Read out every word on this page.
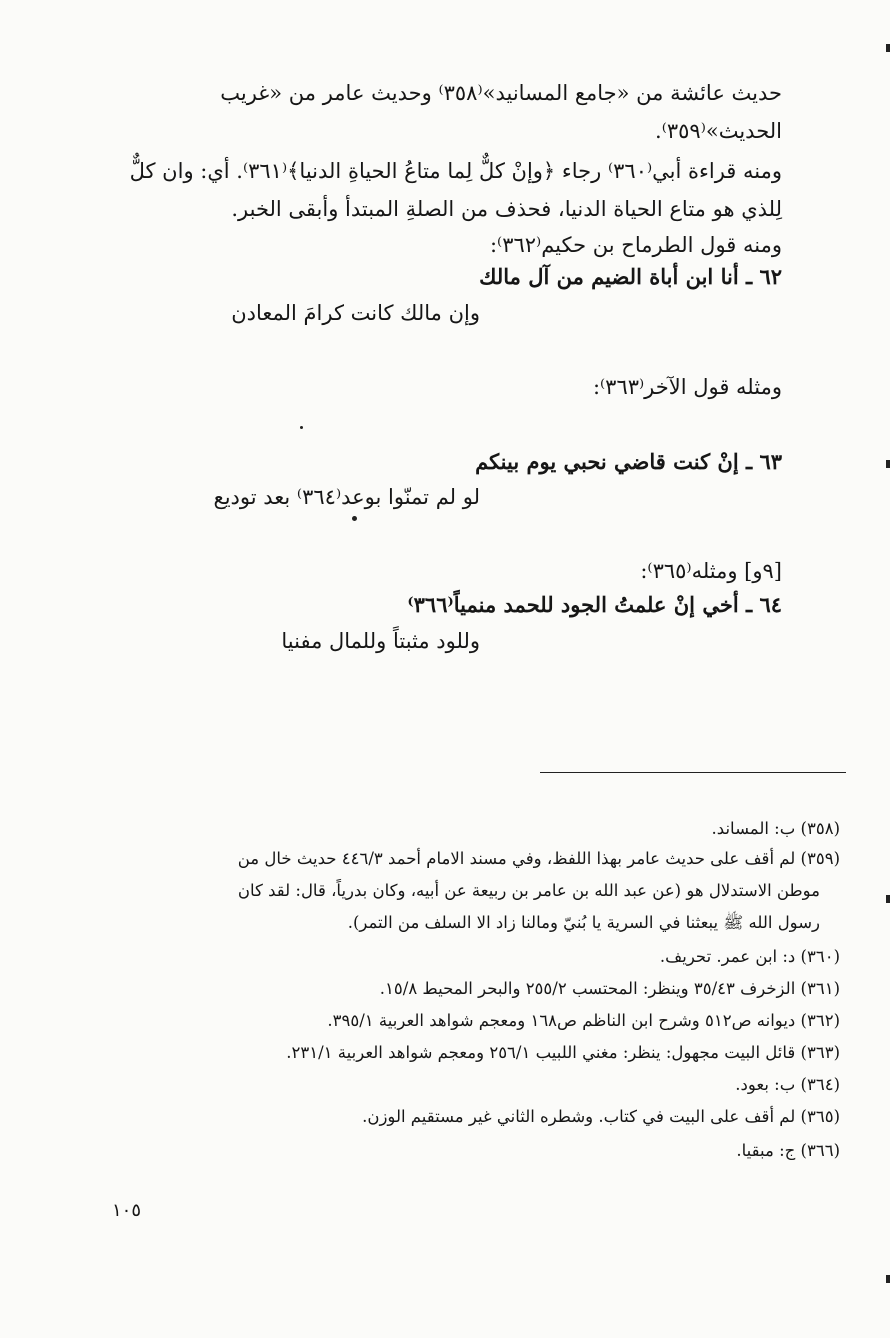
حديث عائشة من «جامع المسانيد»⁽٣٥٨⁾ وحديث عامر من «غريب
الحديث»⁽٣٥٩⁾.
ومنه قراءة أبي⁽٣٦٠⁾ رجاء ﴿وإنْ كلٌّ لِما متاعُ الحياةِ الدنيا﴾⁽٣٦١⁾. أي: وان كلٌّ
لِلذي هو متاع الحياة الدنيا، فحذف من الصلةِ المبتدأ وأبقى الخبر.
ومنه قول الطرماح بن حكيم⁽٣٦٢⁾:
٦٢ ـ أنا ابن أباة الضيم من آل مالك
وإن مالك كانت كرامَ المعادن
ومثله قول الآخر⁽٣٦٣⁾:
٦٣ ـ إنْ كنت قاضي نحبي يوم بينكم
لو لم تمنّوا بوعد⁽٣٦٤⁾ بعد توديع
[٩و] ومثله⁽٣٦٥⁾:
٦٤ ـ أخي إنْ علمتُ الجود للحمد منمياً⁽٣٦٦⁾
وللود مثبتاً وللمال مفنيا
(٣٥٨) ب: المساند.
(٣٥٩) لم أقف على حديث عامر بهذا اللفظ، وفي مسند الامام أحمد ٤٤٦/٣ حديث خال من
موطن الاستدلال هو (عن عبد الله بن عامر بن ربيعة عن أبيه، وكان بدرياً، قال: لقد كان
رسول الله ﷺ يبعثنا في السرية يا بُنيّ ومالنا زاد الا السلف من التمر).
(٣٦٠) د: ابن عمر. تحريف.
(٣٦١) الزخرف ٣٥/٤٣ وينظر: المحتسب ٢٥٥/٢ والبحر المحيط ١٥/٨.
(٣٦٢) ديوانه ص٥١٢ وشرح ابن الناظم ص١٦٨ ومعجم شواهد العربية ٣٩٥/١.
(٣٦٣) قائل البيت مجهول: ينظر: مغني اللبيب ٢٥٦/١ ومعجم شواهد العربية ٢٣١/١.
(٣٦٤) ب: بعود.
(٣٦٥) لم أقف على البيت في كتاب. وشطره الثاني غير مستقيم الوزن.
(٣٦٦) ج: مبقيا.
١٠٥
